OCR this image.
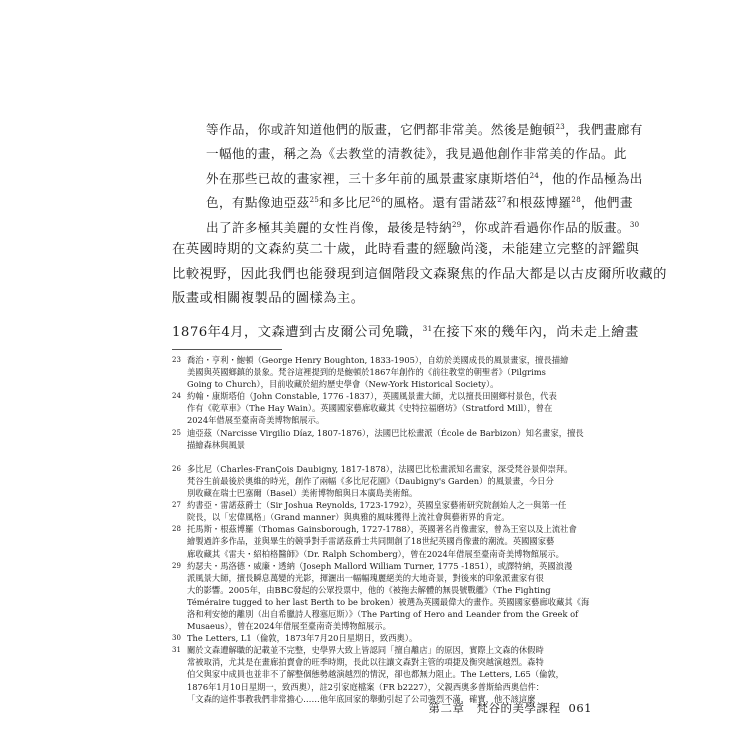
等作品，你或許知道他們的版畫，它們都非常美。然後是鮑頓$^{23}$，我們畫廊有
一幅他的畫，稱之為《去教堂的清教徒》，我見過他創作非常美的作品。此
外在那些已故的畫家裡，三十多年前的風景畫家康斯塔伯$^{24}$，他的作品極為出
色，有點像迪亞茲$^{25}$和多比尼$^{26}$的風格。還有雷諾茲$^{27}$和根茲博羅$^{28}$，他們畫
出了許多極其美麗的女性肖像，最後是特納$^{29}$，你或許看過你作品的版畫。$^{30}$
在英國時期的文森約莫二十歲，此時看畫的經驗尚淺，未能建立完整的評鑑與
比較視野，因此我們也能發現到這個階段文森聚焦的作品大都是以古皮爾所收藏的
版畫或相關複製品的圖樣為主。
1876年4月，文森遭到古皮爾公司免職，$^{31}$在接下來的幾年內，尚未走上繪畫
23 喬治・亨利・鮑頓（George Henry Boughton, 1833-1905），自幼於美國成長的風景畫家，擅長描繪
美國與英國鄉鎮的景象。梵谷這裡提到的是鮑頓於1867年創作的《前往教堂的朝聖者》（Pilgrims
Going to Church），目前收藏於紐約歷史學會（New-York Historical Society）。
24 約翰・康斯塔伯（John Constable, 1776 -1837），英國風景畫大師，尤以擅長田園鄉村景色，代表
作有《乾草車》（The Hay Wain）。英國國家藝廊收藏其《史特拉福磨坊》（Stratford Mill），曾在
2024年借展至臺南奇美博物館展示。
25 迪亞茲（Narcisse Virgilio Díaz, 1807-1876），法國巴比松畫派（École de Barbizon）知名畫家，擅長
描繪森林與風景
26 多比尼（Charles-FranÇois Daubigny, 1817-1878），法國巴比松畫派知名畫家，深受梵谷景仰崇拜。
梵谷生前最後於奧維的時光，創作了兩幅《多比尼花園》（Daubigny's Garden）的風景畫，今日分
別收藏在瑞士巴塞爾（Basel）美術博物館與日本廣島美術館。
27 約書亞・雷諾茲爵士（Sir Joshua Reynolds, 1723-1792），英國皇家藝術研究院創始人之一與第一任
院長，以「宏偉風格」（Grand manner）與典雅的風味獲得上流社會與藝術界的肯定。
28 托馬斯・根茲博羅（Thomas Gainsborough, 1727-1788），英國著名肖像畫家，曾為王室以及上流社會
繪製過許多作品，並與畢生的競爭對手雷諾茲爵士共同開創了18世紀英國肖像畫的潮流。英國國家藝
廊收藏其《雷夫・紹柏格醫師》（Dr. Ralph Schomberg），曾在2024年借展至臺南奇美博物館展示。
29 約瑟夫・馬洛德・威廉・透納（Joseph Mallord William Turner, 1775 -1851），或譯特納，英國浪漫
派風景大師，擅長瞬息萬變的光影，揮灑出一幅幅瑰麗絕美的大地奇景，對後來的印象派畫家有很
大的影響。2005年，由BBC發起的公眾投票中，他的《被拖去解體的無畏號戰艦》（The Fighting
Téméraire tugged to her last Berth to be broken）被選為英國最偉大的畫作。英國國家藝廊收藏其《海
洛和利安徳的離別（出自希臘詩人穆塞厄斯）》（The Parting of Hero and Leander from the Greek of
Musaeus），曾在2024年借展至臺南奇美博物館展示。
30 The Letters, L1（倫敦，1873年7月20日星期日，致西奧）。
31 關於文森遭解職的記載並不完整，史學界大致上皆認同「擅自離店」的原因，實際上文森的休假時
常被取消，尤其是在畫廊拍賣會的旺季時期，長此以往讓文森對主管的項捷及衡突越演越烈。森特
伯父與家中成員也並非不了解整個態勢越演越烈的情況，卻也都無力阻止。The Letters, L65（倫敦，
1876年1月10日星期一，致西奧），註2引家庭檔案（FR b2227），父親西奧多普斯給西奧信件：
「文森的這件事教我們非常擔心……他年底回家的舉動引起了公司強烈不滿，確實，他不該這麼
第二章　梵谷的美學課程 061
